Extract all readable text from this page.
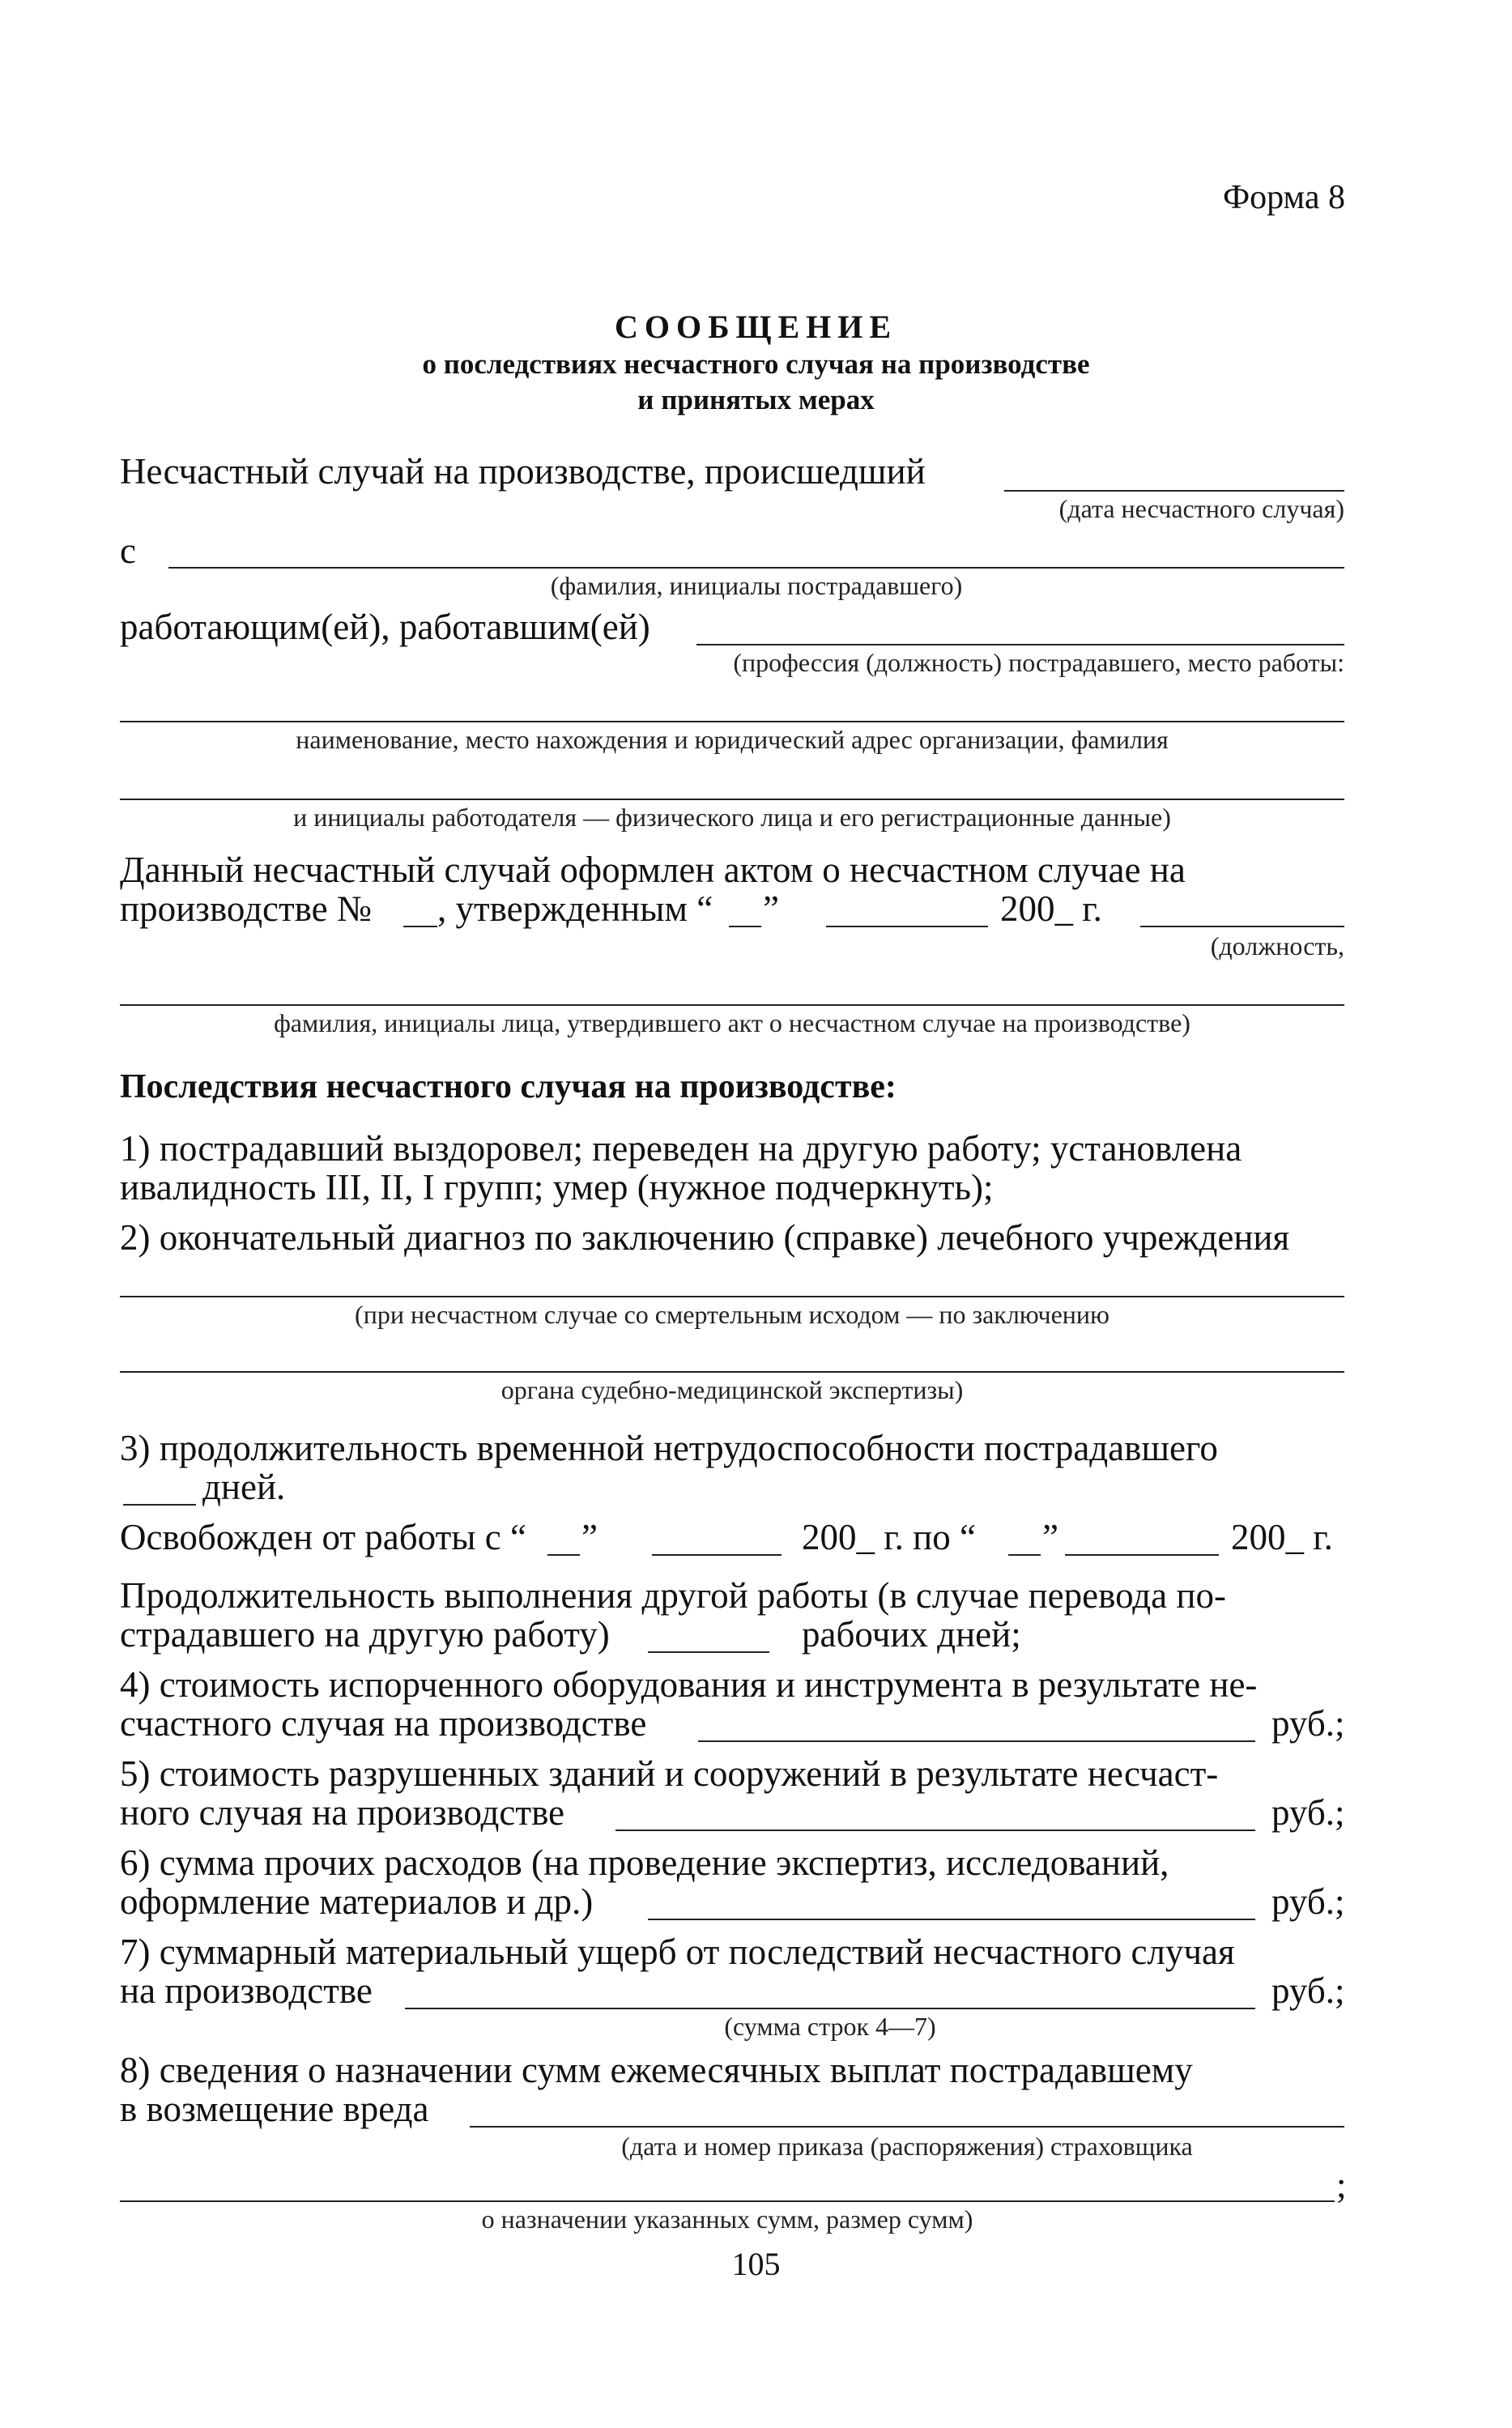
Форма 8
СООБЩЕНИЕ
о последствиях несчастного случая на производстве
и принятых мерах
Несчастный случай на производстве, происшедший
(дата несчастного случая)
с
(фамилия, инициалы пострадавшего)
работающим(ей), работавшим(ей)
(профессия (должность) пострадавшего, место работы:
наименование, место нахождения и юридический адрес организации, фамилия
и инициалы работодателя — физического лица и его регистрационные данные)
Данный несчастный случай оформлен актом о несчастном случае на
производстве № , утвержденным “ ”	200_ г.
(должность,
фамилия, инициалы лица, утвердившего акт о несчастном случае на производстве)
Последствия несчастного случая на производстве:
1) пострадавший выздоровел; переведен на другую работу; установлена
ивалидность III, II, I групп; умер (нужное подчеркнуть);
2) окончательный диагноз по заключению (справке) лечебного учреждения
(при несчастном случае со смертельным исходом — по заключению
органа судебно-медицинской экспертизы)
3) продолжительность временной нетрудоспособности пострадавшего
дней.
Освобожден от работы с “ ”	200_ г. по “ ”	200_ г.
Продолжительность выполнения другой работы (в случае перевода по-
страдавшего на другую работу)	рабочих дней;
4) стоимость испорченного оборудования и инструмента в результате не-
счастного случая на производстве	руб.;
5) стоимость разрушенных зданий и сооружений в результате несчаст-
ного случая на производстве	руб.;
6) сумма прочих расходов (на проведение экспертиз, исследований,
оформление материалов и др.)	руб.;
7) суммарный материальный ущерб от последствий несчастного случая
на производстве	руб.;
(сумма строк 4—7)
8) сведения о назначении сумм ежемесячных выплат пострадавшему
в возмещение вреда
(дата и номер приказа (распоряжения) страховщика
;
о назначении указанных сумм, размер сумм)
105
